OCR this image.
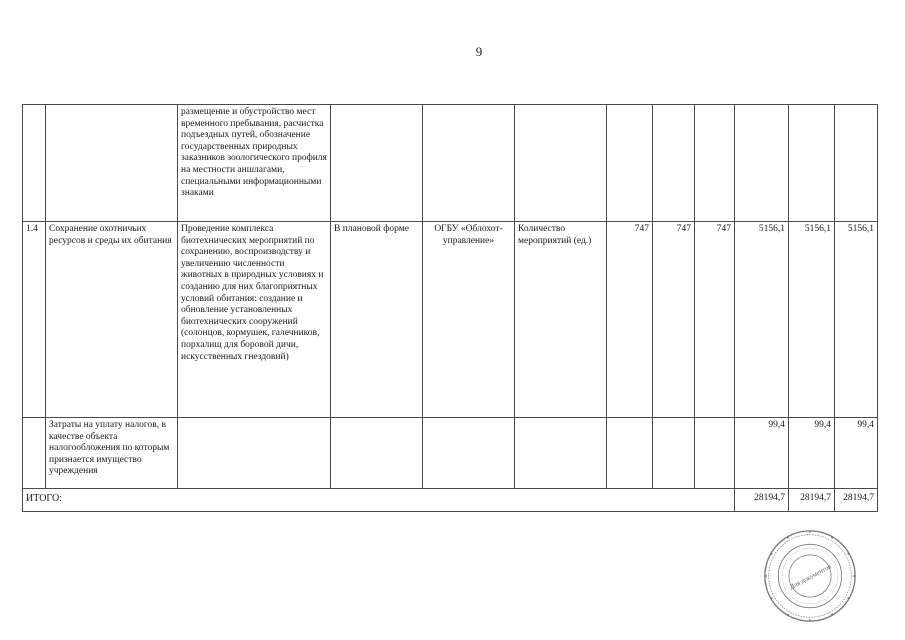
9
		размещение и обустройство мест временного пребывания, расчистка подъездных путей, обозначение государственных природных заказников зоологического профиля на местности аншлагами, специальными информационными знаками									
1.4	Сохранение охотничьих ресурсов и среды их обитания	Проведение комплекса биотехнических мероприятий по сохранению, воспроизводству и увеличению численности животных в природных условиях и созданию для них благоприятных условий обитания: создание и обновление установленных биотехнических сооружений (солонцов, кормушек, галечников, порхалищ для боровой дичи, искусственных гнездовий)	В плановой форме	ОГБУ «Облохот-управление»	Количество мероприятий (ед.)	747	747	747	5156,1	5156,1	5156,1
	Затраты на уплату налогов, в качестве объекта налогообложения по которым признается имущество учреждения								99,4	99,4	99,4
ИТОГО:									28194,7	28194,7	28194,7
Для документов
